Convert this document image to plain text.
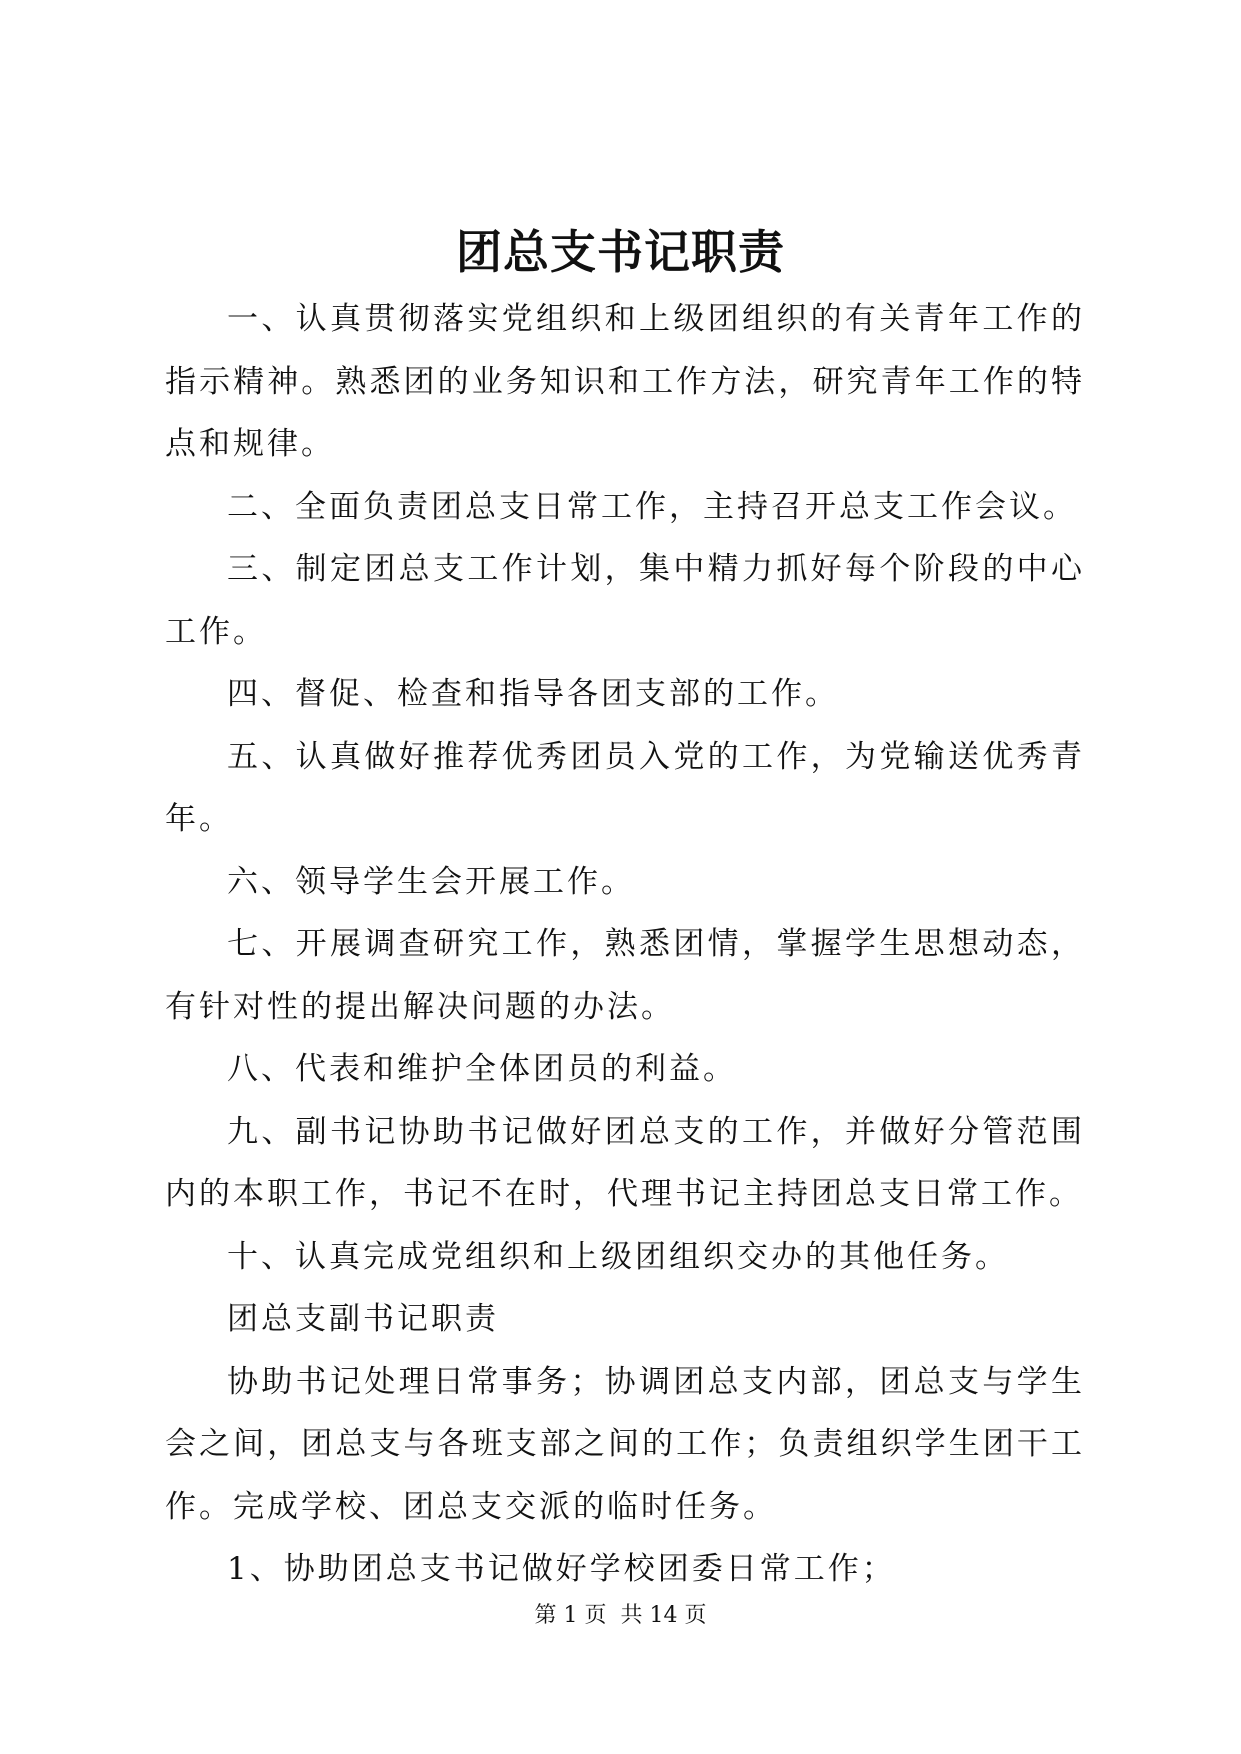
团总支书记职责

一、认真贯彻落实党组织和上级团组织的有关青年工作的指示精神。熟悉团的业务知识和工作方法，研究青年工作的特点和规律。

二、全面负责团总支日常工作，主持召开总支工作会议。

三、制定团总支工作计划，集中精力抓好每个阶段的中心工作。

四、督促、检查和指导各团支部的工作。

五、认真做好推荐优秀团员入党的工作，为党输送优秀青年。

六、领导学生会开展工作。

七、开展调查研究工作，熟悉团情，掌握学生思想动态，有针对性的提出解决问题的办法。

八、代表和维护全体团员的利益。

九、副书记协助书记做好团总支的工作，并做好分管范围内的本职工作，书记不在时，代理书记主持团总支日常工作。

十、认真完成党组织和上级团组织交办的其他任务。

团总支副书记职责

协助书记处理日常事务；协调团总支内部，团总支与学生会之间，团总支与各班支部之间的工作；负责组织学生团干工作。完成学校、团总支交派的临时任务。

1、协助团总支书记做好学校团委日常工作；

第 1 页 共 14 页
